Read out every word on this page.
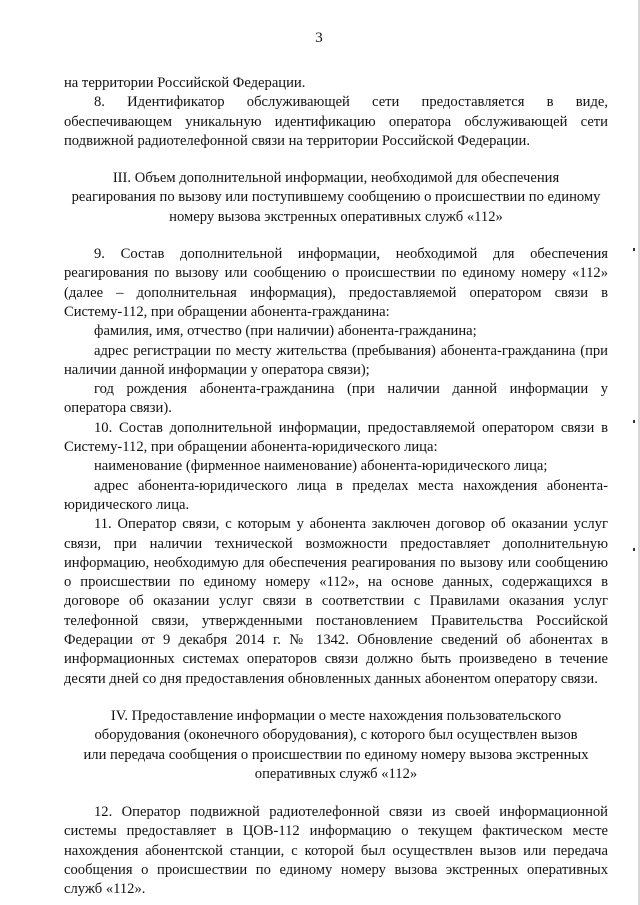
3

на территории Российской Федерации.

8. Идентификатор обслуживающей сети предоставляется в виде, обеспечивающем уникальную идентификацию оператора обслуживающей сети подвижной радиотелефонной связи на территории Российской Федерации.

III. Объем дополнительной информации, необходимой для обеспечения
реагирования по вызову или поступившему сообщению о происшествии по единому
номеру вызова экстренных оперативных служб «112»

9. Состав дополнительной информации, необходимой для обеспечения реагирования по вызову или сообщению о происшествии по единому номеру «112» (далее – дополнительная информация), предоставляемой оператором связи в Систему-112, при обращении абонента-гражданина:

фамилия, имя, отчество (при наличии) абонента-гражданина;

адрес регистрации по месту жительства (пребывания) абонента-гражданина (при наличии данной информации у оператора связи);

год рождения абонента-гражданина (при наличии данной информации у оператора связи).

10. Состав дополнительной информации, предоставляемой оператором связи в Систему-112, при обращении абонента-юридического лица:

наименование (фирменное наименование) абонента-юридического лица;

адрес абонента-юридического лица в пределах места нахождения абонента-юридического лица.

11. Оператор связи, с которым у абонента заключен договор об оказании услуг связи, при наличии технической возможности предоставляет дополнительную информацию, необходимую для обеспечения реагирования по вызову или сообщению о происшествии по единому номеру «112», на основе данных, содержащихся в договоре об оказании услуг связи в соответствии с Правилами оказания услуг телефонной связи, утвержденными постановлением Правительства Российской Федерации от 9 декабря 2014 г. № 1342. Обновление сведений об абонентах в информационных системах операторов связи должно быть произведено в течение десяти дней со дня предоставления обновленных данных абонентом оператору связи.

IV. Предоставление информации о месте нахождения пользовательского
оборудования (оконечного оборудования), с которого был осуществлен вызов
или передача сообщения о происшествии по единому номеру вызова экстренных
оперативных служб «112»

12. Оператор подвижной радиотелефонной связи из своей информационной системы предоставляет в ЦОВ-112 информацию о текущем фактическом месте нахождения абонентской станции, с которой был осуществлен вызов или передача сообщения о происшествии по единому номеру вызова экстренных оперативных служб «112».
